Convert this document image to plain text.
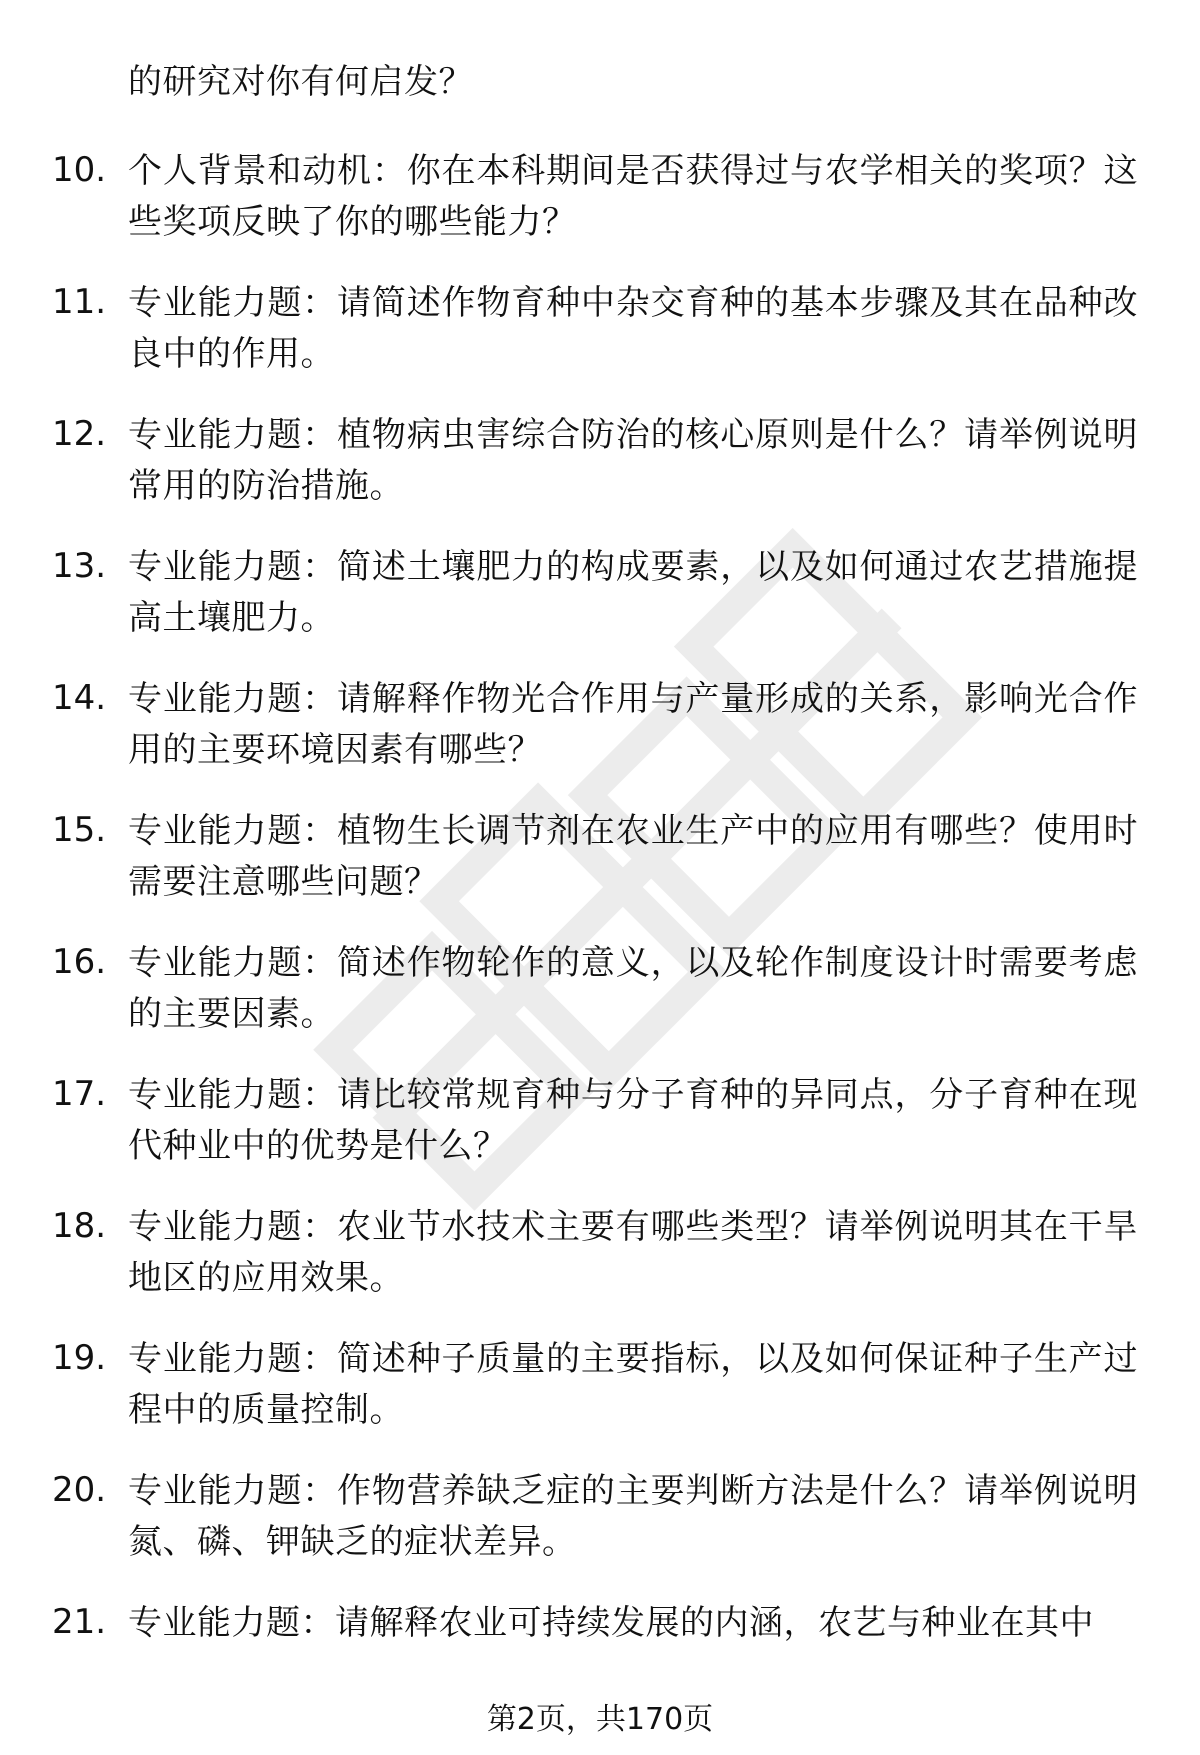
的研究对你有何启发？
10. 个人背景和动机：你在本科期间是否获得过与农学相关的奖项？这些奖项反映了你的哪些能力？
11. 专业能力题：请简述作物育种中杂交育种的基本步骤及其在品种改良中的作用。
12. 专业能力题：植物病虫害综合防治的核心原则是什么？请举例说明常用的防治措施。
13. 专业能力题：简述土壤肥力的构成要素，以及如何通过农艺措施提高土壤肥力。
14. 专业能力题：请解释作物光合作用与产量形成的关系，影响光合作用的主要环境因素有哪些？
15. 专业能力题：植物生长调节剂在农业生产中的应用有哪些？使用时需要注意哪些问题？
16. 专业能力题：简述作物轮作的意义，以及轮作制度设计时需要考虑的主要因素。
17. 专业能力题：请比较常规育种与分子育种的异同点，分子育种在现代种业中的优势是什么？
18. 专业能力题：农业节水技术主要有哪些类型？请举例说明其在干旱地区的应用效果。
19. 专业能力题：简述种子质量的主要指标，以及如何保证种子生产过程中的质量控制。
20. 专业能力题：作物营养缺乏症的主要判断方法是什么？请举例说明氮、磷、钾缺乏的症状差异。
21. 专业能力题：请解释农业可持续发展的内涵，农艺与种业在其中
第2页，共170页
